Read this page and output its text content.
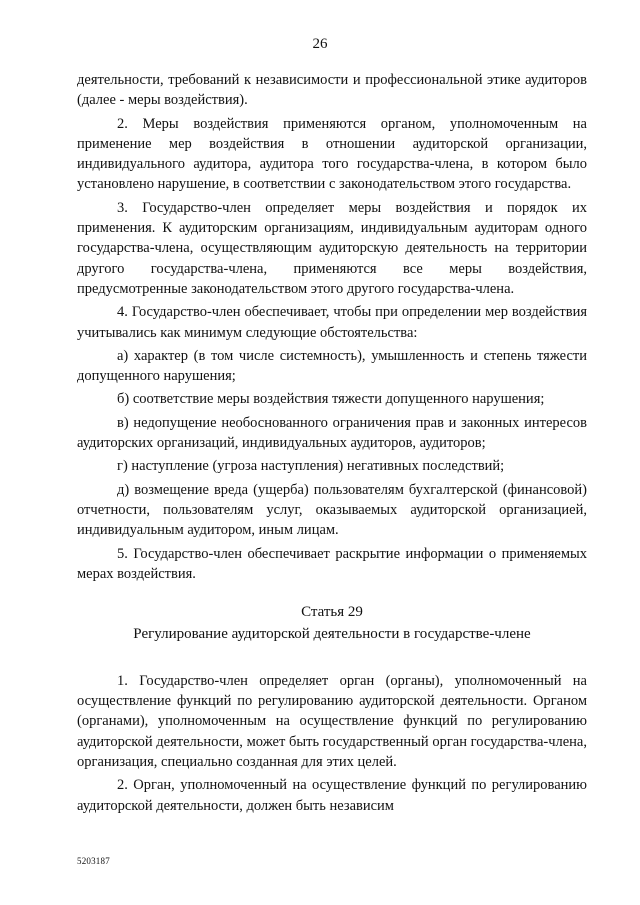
26

деятельности, требований к независимости и профессиональной этике аудиторов (далее - меры воздействия).

2. Меры воздействия применяются органом, уполномоченным на применение мер воздействия в отношении аудиторской организации, индивидуального аудитора, аудитора того государства-члена, в котором было установлено нарушение, в соответствии с законодательством этого государства.

3. Государство-член определяет меры воздействия и порядок их применения. К аудиторским организациям, индивидуальным аудиторам одного государства-члена, осуществляющим аудиторскую деятельность на территории другого государства-члена, применяются все меры воздействия, предусмотренные законодательством этого другого государства-члена.

4. Государство-член обеспечивает, чтобы при определении мер воздействия учитывались как минимум следующие обстоятельства:

а) характер (в том числе системность), умышленность и степень тяжести допущенного нарушения;

б) соответствие меры воздействия тяжести допущенного нарушения;

в) недопущение необоснованного ограничения прав и законных интересов аудиторских организаций, индивидуальных аудиторов, аудиторов;

г) наступление (угроза наступления) негативных последствий;

д) возмещение вреда (ущерба) пользователям бухгалтерской (финансовой) отчетности, пользователям услуг, оказываемых аудиторской организацией, индивидуальным аудитором, иным лицам.

5. Государство-член обеспечивает раскрытие информации о применяемых мерах воздействия.

Статья 29
Регулирование аудиторской деятельности в государстве-члене

1. Государство-член определяет орган (органы), уполномоченный на осуществление функций по регулированию аудиторской деятельности. Органом (органами), уполномоченным на осуществление функций по регулированию аудиторской деятельности, может быть государственный орган государства-члена, организация, специально созданная для этих целей.

2. Орган, уполномоченный на осуществление функций по регулированию аудиторской деятельности, должен быть независим

5203187
